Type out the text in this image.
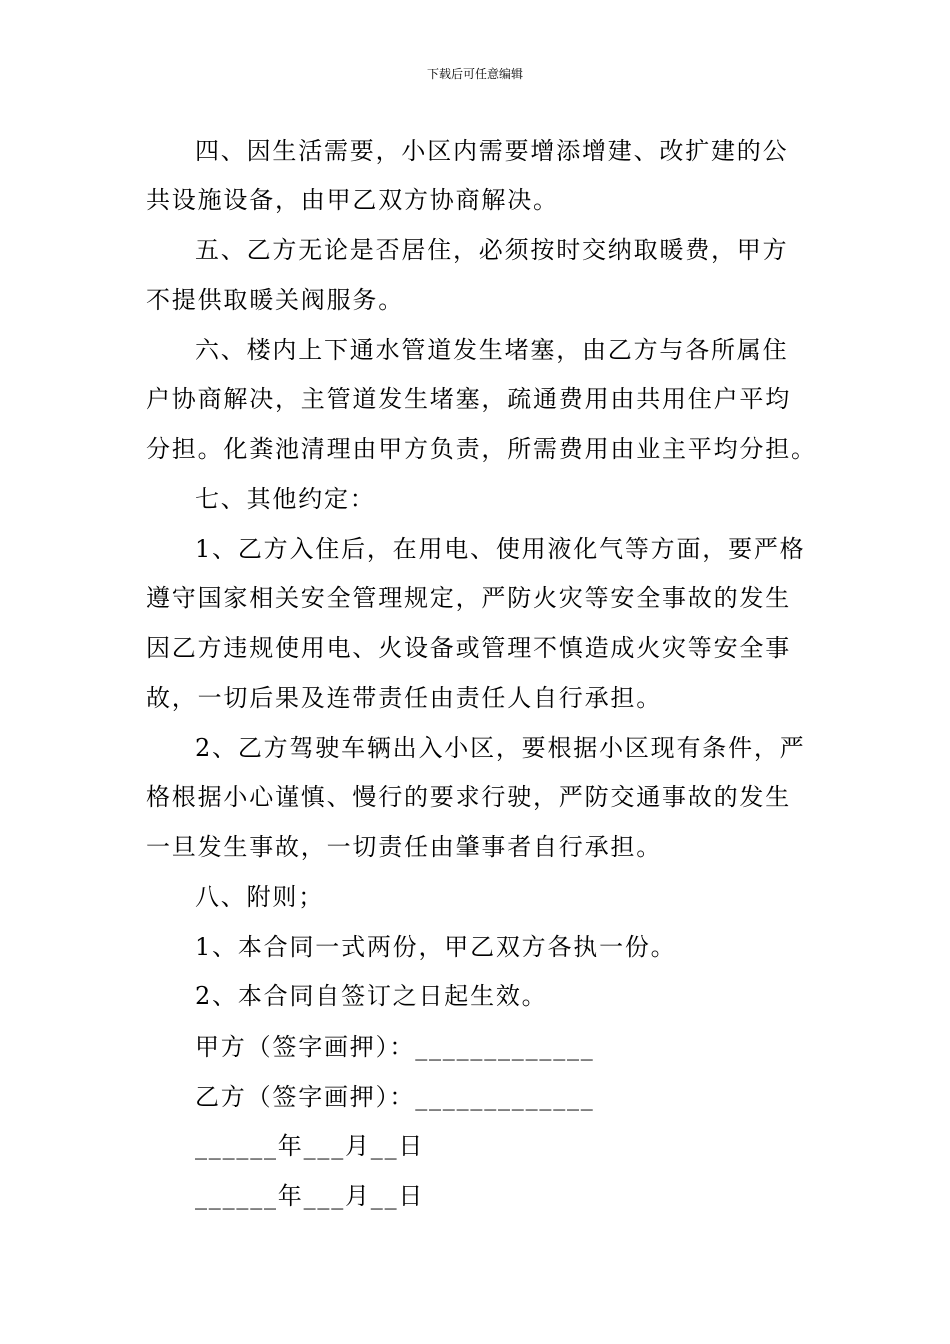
下载后可任意编辑
四、因生活需要，小区内需要增添增建、改扩建的公
共设施设备，由甲乙双方协商解决。
五、乙方无论是否居住，必须按时交纳取暖费，甲方
不提供取暖关阀服务。
六、楼内上下通水管道发生堵塞，由乙方与各所属住
户协商解决，主管道发生堵塞，疏通费用由共用住户平均
分担。化粪池清理由甲方负责，所需费用由业主平均分担。
七、其他约定：
1、乙方入住后，在用电、使用液化气等方面，要严格
遵守国家相关安全管理规定，严防火灾等安全事故的发生
因乙方违规使用电、火设备或管理不慎造成火灾等安全事
故，一切后果及连带责任由责任人自行承担。
2、乙方驾驶车辆出入小区，要根据小区现有条件，严
格根据小心谨慎、慢行的要求行驶，严防交通事故的发生
一旦发生事故，一切责任由肇事者自行承担。
八、附则；
1、本合同一式两份，甲乙双方各执一份。
2、本合同自签订之日起生效。
甲方（签字画押）：_____________
乙方（签字画押）：_____________
______年___月__日
______年___月__日
